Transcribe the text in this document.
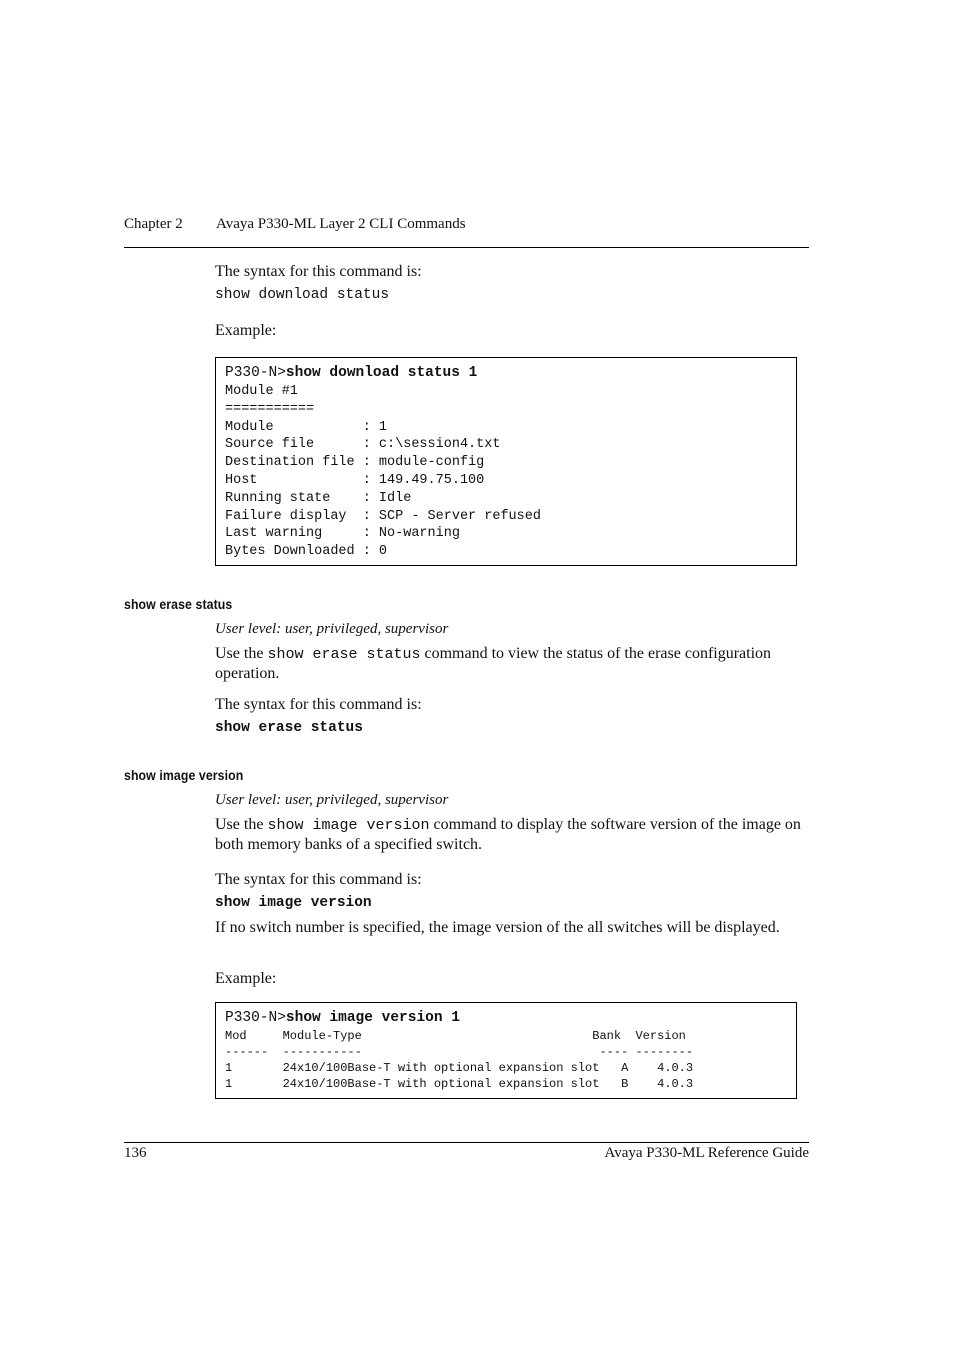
Chapter 2 Avaya P330-ML Layer 2 CLI Commands
The syntax for this command is:
show download status
Example:
P330-N>show download status 1
Module #1
===========
Module           : 1
Source file      : c:\session4.txt
Destination file : module-config
Host             : 149.49.75.100
Running state    : Idle
Failure display  : SCP - Server refused
Last warning     : No-warning
Bytes Downloaded : 0
show erase status
User level: user, privileged, supervisor
Use the show erase status command to view the status of the erase configuration operation.
The syntax for this command is:
show erase status
show image version
User level: user, privileged, supervisor
Use the show image version command to display the software version of the image on both memory banks of a specified switch.
The syntax for this command is:
show image version
If no switch number is specified, the image version of the all switches will be displayed.
Example:
P330-N>show image version 1
Mod     Module-Type                                Bank  Version
------  -----------                                 ---- --------
1       24x10/100Base-T with optional expansion slot   A    4.0.3
1       24x10/100Base-T with optional expansion slot   B    4.0.3
136	Avaya P330-ML Reference Guide
